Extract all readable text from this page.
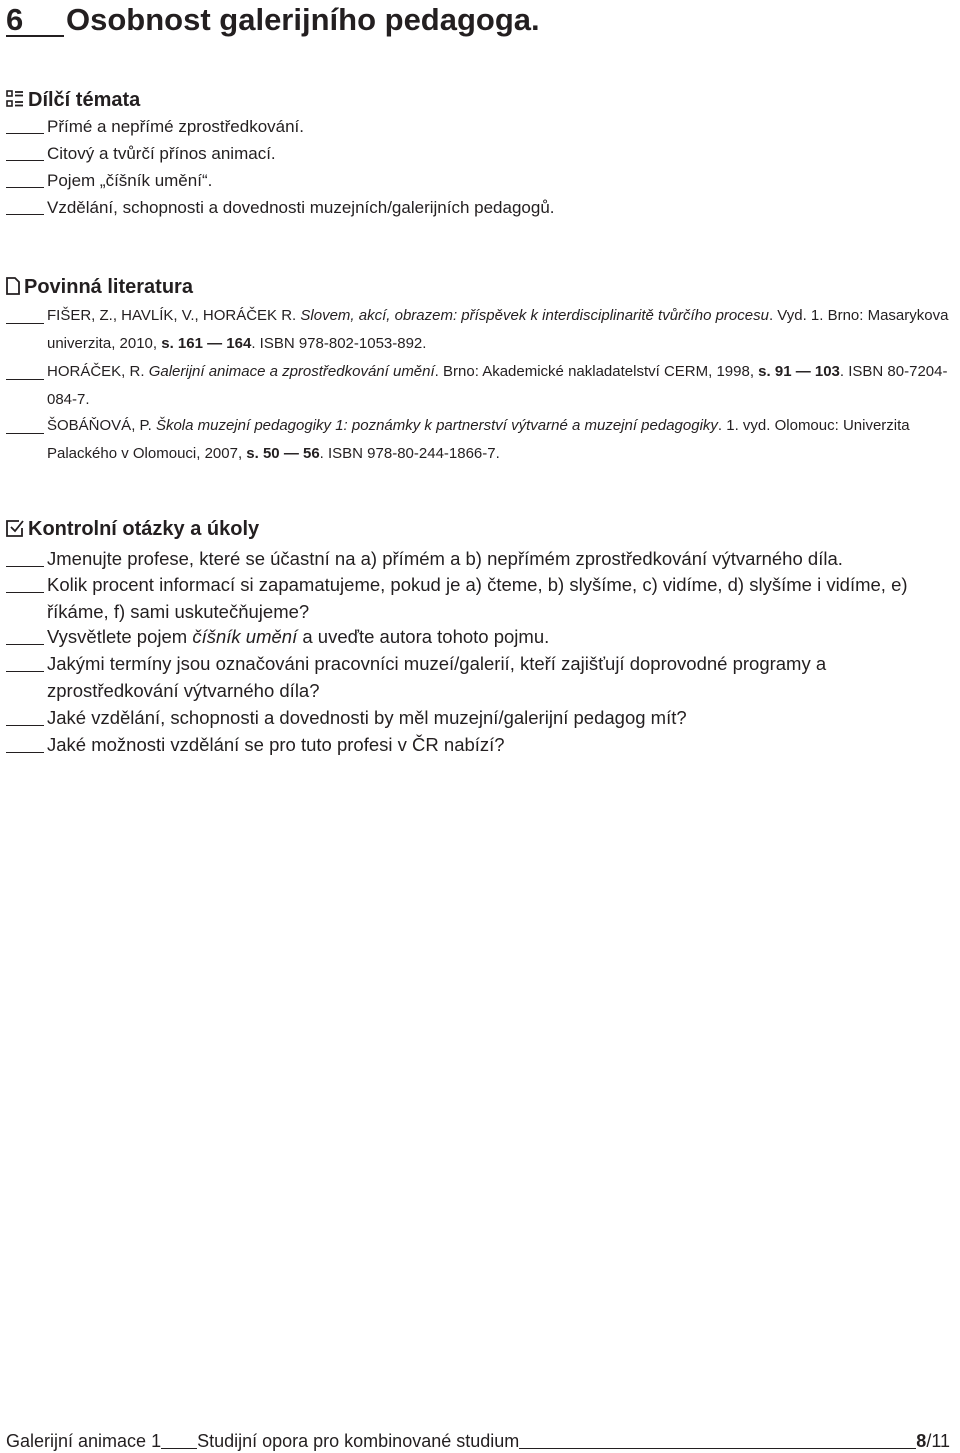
6 Osobnost galerijního pedagoga.
Dílčí témata
Přímé a nepřímé zprostředkování.
Citový a tvůrčí přínos animací.
Pojem „číšník umění“.
Vzdělání, schopnosti a dovednosti muzejních/galerijních pedagogů.
Povinná literatura
FIŠER, Z., HAVLÍK, V., HORÁČEK R. Slovem, akcí, obrazem: příspěvek k interdisciplinaritě tvůrčího procesu. Vyd. 1. Brno: Masarykova univerzita, 2010, s. 161 — 164. ISBN 978-802-1053-892.
HORÁČEK, R. Galerijní animace a zprostředkování umění. Brno: Akademické nakladatelství CERM, 1998, s. 91 — 103. ISBN 80-7204-084-7.
ŠOBÁŇOVÁ, P. Škola muzejní pedagogiky 1: poznámky k partnerství výtvarné a muzejní pedagogiky. 1. vyd. Olomouc: Univerzita Palackého v Olomouci, 2007, s. 50 — 56. ISBN 978-80-244-1866-7.
Kontrolní otázky a úkoly
Jmenujte profese, které se účastní na a) přímém a b) nepřímém zprostředkování výtvarného díla.
Kolik procent informací si zapamatujeme, pokud je a) čteme, b) slyšíme, c) vidíme, d) slyšíme i vidíme, e) říkáme, f) sami uskutečňujeme?
Vysvětlete pojem číšník umění a uveďte autora tohoto pojmu.
Jakými termíny jsou označováni pracovníci muzeí/galerií, kteří zajišťují doprovodné programy a zprostředkování výtvarného díla?
Jaké vzdělání, schopnosti a dovednosti by měl muzejní/galerijní pedagog mít?
Jaké možnosti vzdělání se pro tuto profesi v ČR nabízí?
Galerijní animace 1 Studijní opora pro kombinované studium	8 /11
